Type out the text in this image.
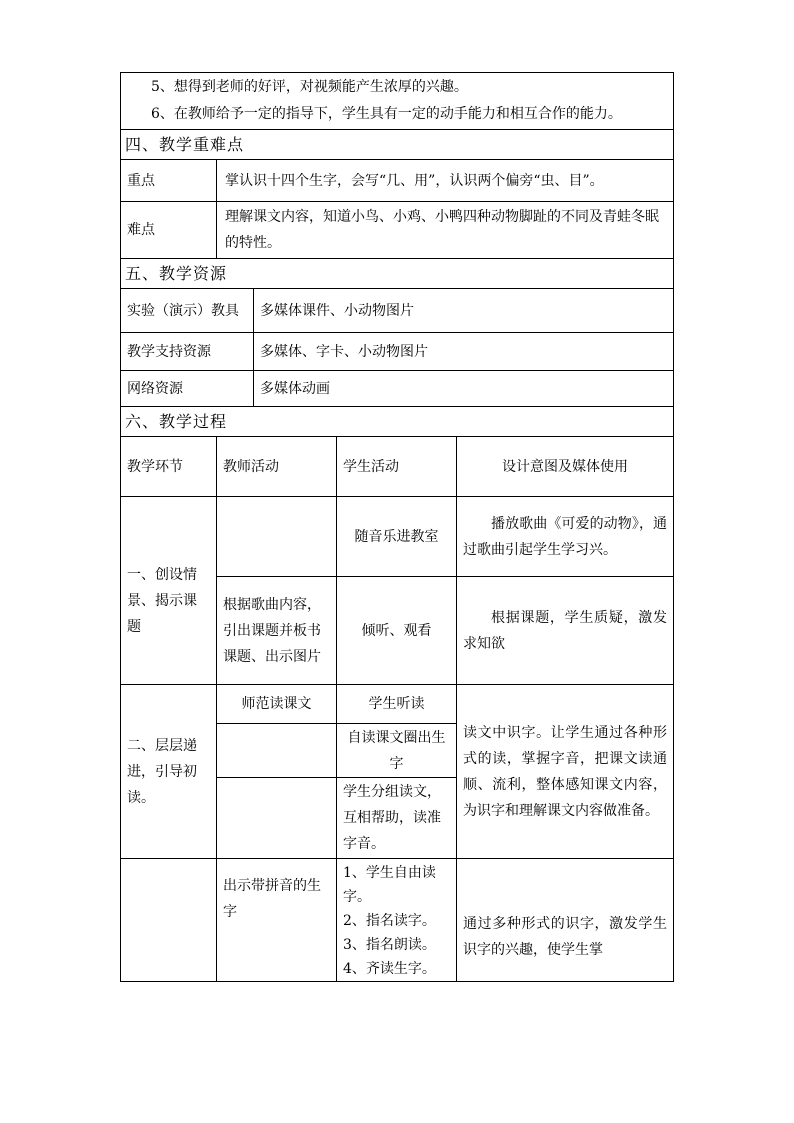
5、想得到老师的好评，对视频能产生浓厚的兴趣。

6、在教师给予一定的指导下，学生具有一定的动手能力和相互合作的能力。				

四、教学重难点				
重点	掌认识十四个生字，会写“几、用”，认识两个偏旁“虫、目”。			
难点	理解课文内容，知道小鸟、小鸡、小鸭四种动物脚趾的不同及青蛙冬眠的特性。			
五、教学资源				
实验（演示）教具		多媒体课件、小动物图片		
教学支持资源		多媒体、字卡、小动物图片		
网络资源		多媒体动画		
六、教学过程				
教学环节	教师活动		学生活动	设计意图及媒体使用
一、创设情景、揭示课题			随音乐进教室	播放歌曲《可爱的动物》，通过歌曲引起学生学习兴。
	根据歌曲内容，引出课题并板书课题、出示图片		倾听、观看	根据课题，学生质疑，激发求知欲
二、层层递进，引导初读。	师范读课文		学生听读	读文中识字。让学生通过各种形式的读，掌握字音，把课文读通顺、流利，整体感知课文内容，为识字和理解课文内容做准备。
			自读课文圈出生字	
			学生分组读文，互相帮助，读准字音。	
	出示带拼音的生字		1、学生自由读字。
2、指名读字。
3、指名朗读。
4、齐读生字。	通过多种形式的识字，激发学生识字的兴趣，使学生掌
